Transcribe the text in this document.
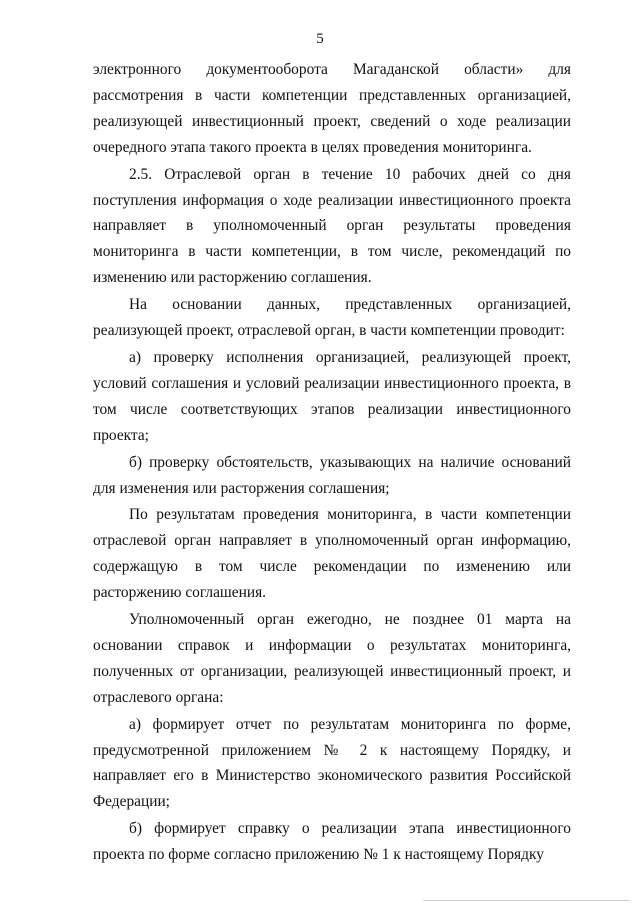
5

электронного документооборота Магаданской области» для рассмотрения в части компетенции представленных организацией, реализующей инвестиционный проект, сведений о ходе реализации очередного этапа такого проекта в целях проведения мониторинга.

2.5. Отраслевой орган в течение 10 рабочих дней со дня поступления информация о ходе реализации инвестиционного проекта направляет в уполномоченный орган результаты проведения мониторинга в части компетенции, в том числе, рекомендаций по изменению или расторжению соглашения.

На основании данных, представленных организацией, реализующей проект, отраслевой орган, в части компетенции проводит:

а) проверку исполнения организацией, реализующей проект, условий соглашения и условий реализации инвестиционного проекта, в том числе соответствующих этапов реализации инвестиционного проекта;

б) проверку обстоятельств, указывающих на наличие оснований для изменения или расторжения соглашения;

По результатам проведения мониторинга, в части компетенции отраслевой орган направляет в уполномоченный орган информацию, содержащую в том числе рекомендации по изменению или расторжению соглашения.

Уполномоченный орган ежегодно, не позднее 01 марта на основании справок и информации о результатах мониторинга, полученных от организации, реализующей инвестиционный проект, и отраслевого органа:

а) формирует отчет по результатам мониторинга по форме, предусмотренной приложением № 2 к настоящему Порядку, и направляет его в Министерство экономического развития Российской Федерации;

б) формирует справку о реализации этапа инвестиционного проекта по форме согласно приложению № 1 к настоящему Порядку
